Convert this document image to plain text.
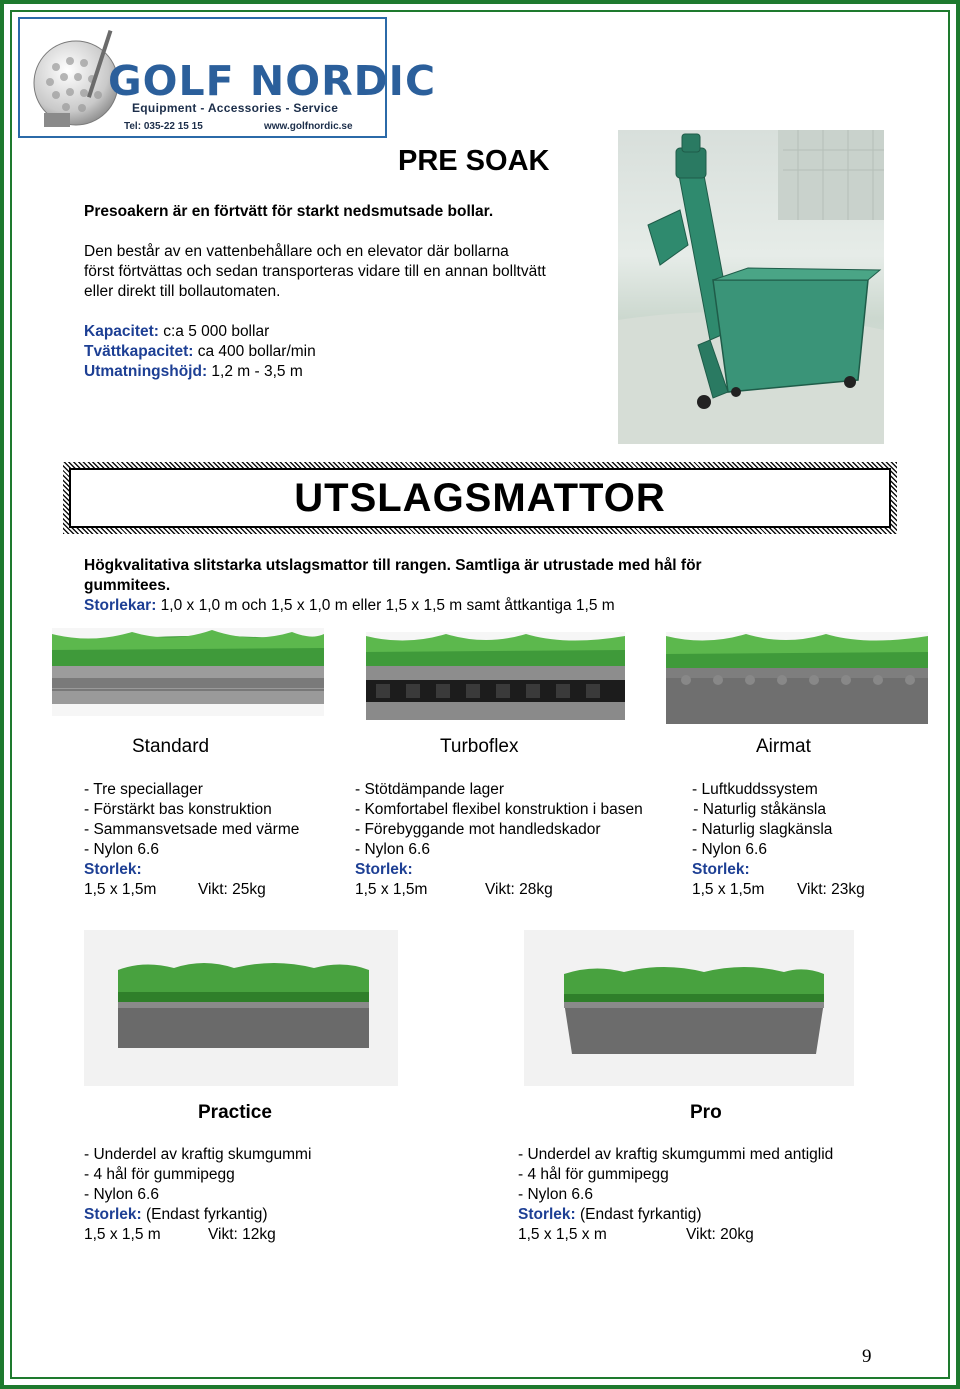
GOLF NORDIC
Equipment - Accessories - Service
Tel: 035-22 15 15	www.golfnordic.se
PRE SOAK
Presoakern är en förtvätt för starkt nedsmutsade bollar.
Den består av en vattenbehållare och en elevator där bollarna
först förtvättas och sedan transporteras vidare till en annan bolltvätt
eller direkt till bollautomaten.
Kapacitet: c:a 5 000 bollar
Tvättkapacitet: ca 400 bollar/min
Utmatningshöjd: 1,2 m - 3,5 m
UTSLAGSMATTOR
Högkvalitativa slitstarka utslagsmattor till rangen. Samtliga är utrustade med hål för
gummitees.
Storlekar: 1,0 x 1,0 m och 1,5 x 1,0 m eller 1,5 x 1,5 m samt åttkantiga 1,5 m
Standard	Turboflex	Airmat
- Tre speciallager
- Förstärkt bas konstruktion
- Sammansvetsade med värme
- Nylon 6.6
Storlek:
1,5 x 1,5m	Vikt: 25kg
- Stötdämpande lager
- Komfortabel flexibel konstruktion i basen
- Förebyggande mot handledskador
- Nylon 6.6
Storlek:
1,5 x 1,5m	Vikt: 28kg
- Luftkuddssystem
- Naturlig ståkänsla
- Naturlig slagkänsla
- Nylon 6.6
Storlek:
1,5 x 1,5m Vikt: 23kg
Practice	Pro
- Underdel av kraftig skumgummi
- 4 hål för gummipegg
- Nylon 6.6
Storlek: (Endast fyrkantig)
1,5 x 1,5 m	Vikt: 12kg
- Underdel av kraftig skumgummi med antiglid
- 4 hål för gummipegg
- Nylon 6.6
Storlek: (Endast fyrkantig)
1,5 x 1,5 x m	Vikt: 20kg
9
